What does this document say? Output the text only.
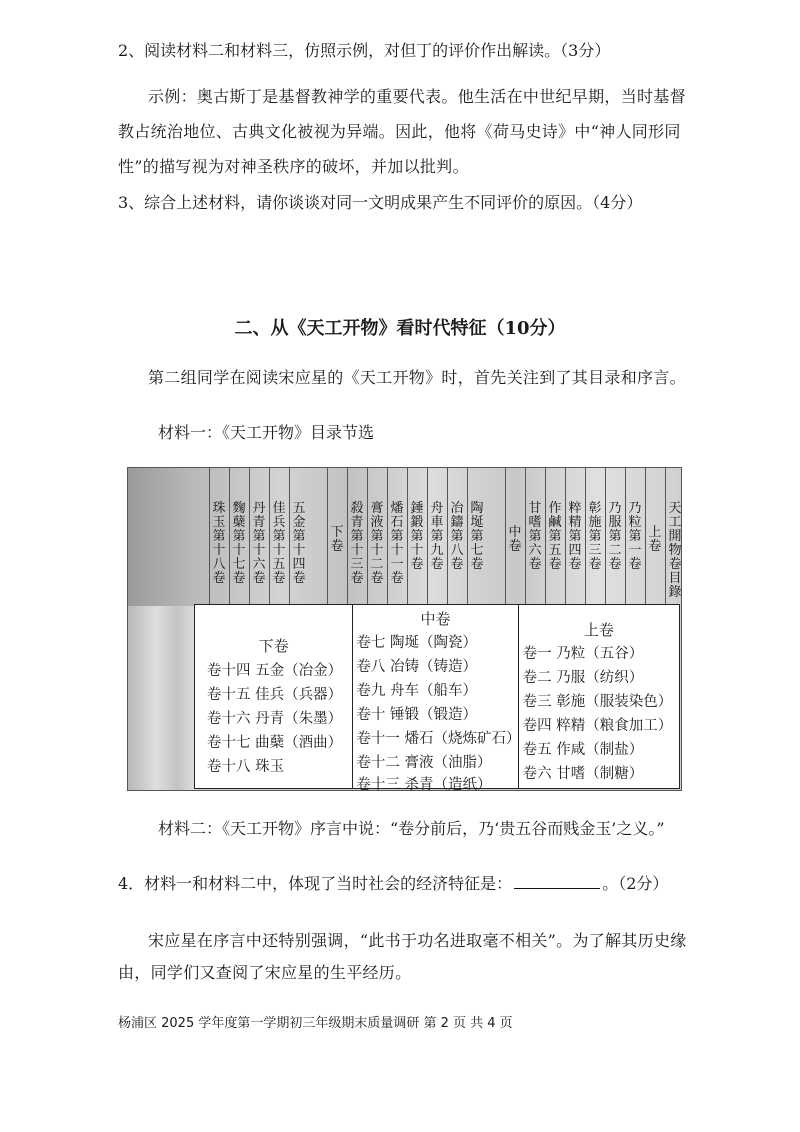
2、阅读材料二和材料三，仿照示例，对但丁的评价作出解读。（3分）
示例：奥古斯丁是基督教神学的重要代表。他生活在中世纪早期，当时基督
教占统治地位、古典文化被视为异端。因此，他将《荷马史诗》中“神人同形同
性”的描写视为对神圣秩序的破坏，并加以批判。
3、综合上述材料，请你谈谈对同一文明成果产生不同评价的原因。（4分）
二、从《天工开物》看时代特征（10分）
第二组同学在阅读宋应星的《天工开物》时，首先关注到了其目录和序言。
材料一：《天工开物》目录节选
天工開物卷目錄
上卷
乃粒第一卷
乃服第二卷
彰施第三卷
粹精第四卷
作鹹第五卷
甘嗜第六卷
中卷
陶埏第七卷
冶鑄第八卷
舟車第九卷
錘鍛第十卷
燔石第十一卷
膏液第十二卷
殺青第十三卷
下卷
五金第十四卷
佳兵第十五卷
丹青第十六卷
麴蘖第十七卷
珠玉第十八卷
下卷
卷十四 五金（冶金）
卷十五 佳兵（兵器）
卷十六 丹青（朱墨）
卷十七 曲蘖（酒曲）
卷十八 珠玉
中卷
卷七 陶埏（陶瓷）
卷八 冶铸（铸造）
卷九 舟车（船车）
卷十 锤锻（锻造）
卷十一 燔石（烧炼矿石）
卷十二 膏液（油脂）
卷十三 杀青（造纸）
上卷
卷一 乃粒（五谷）
卷二 乃服（纺织）
卷三 彰施（服装染色）
卷四 粹精（粮食加工）
卷五 作咸（制盐）
卷六 甘嗜（制糖）
材料二：《天工开物》序言中说：“卷分前后，乃‘贵五谷而贱金玉’之义。”
4．材料一和材料二中，体现了当时社会的经济特征是：	。（2分）
宋应星在序言中还特别强调，“此书于功名进取毫不相关”。为了解其历史缘
由，同学们又查阅了宋应星的生平经历。
杨浦区 2025 学年度第一学期初三年级期末质量调研 第 2 页 共 4 页
